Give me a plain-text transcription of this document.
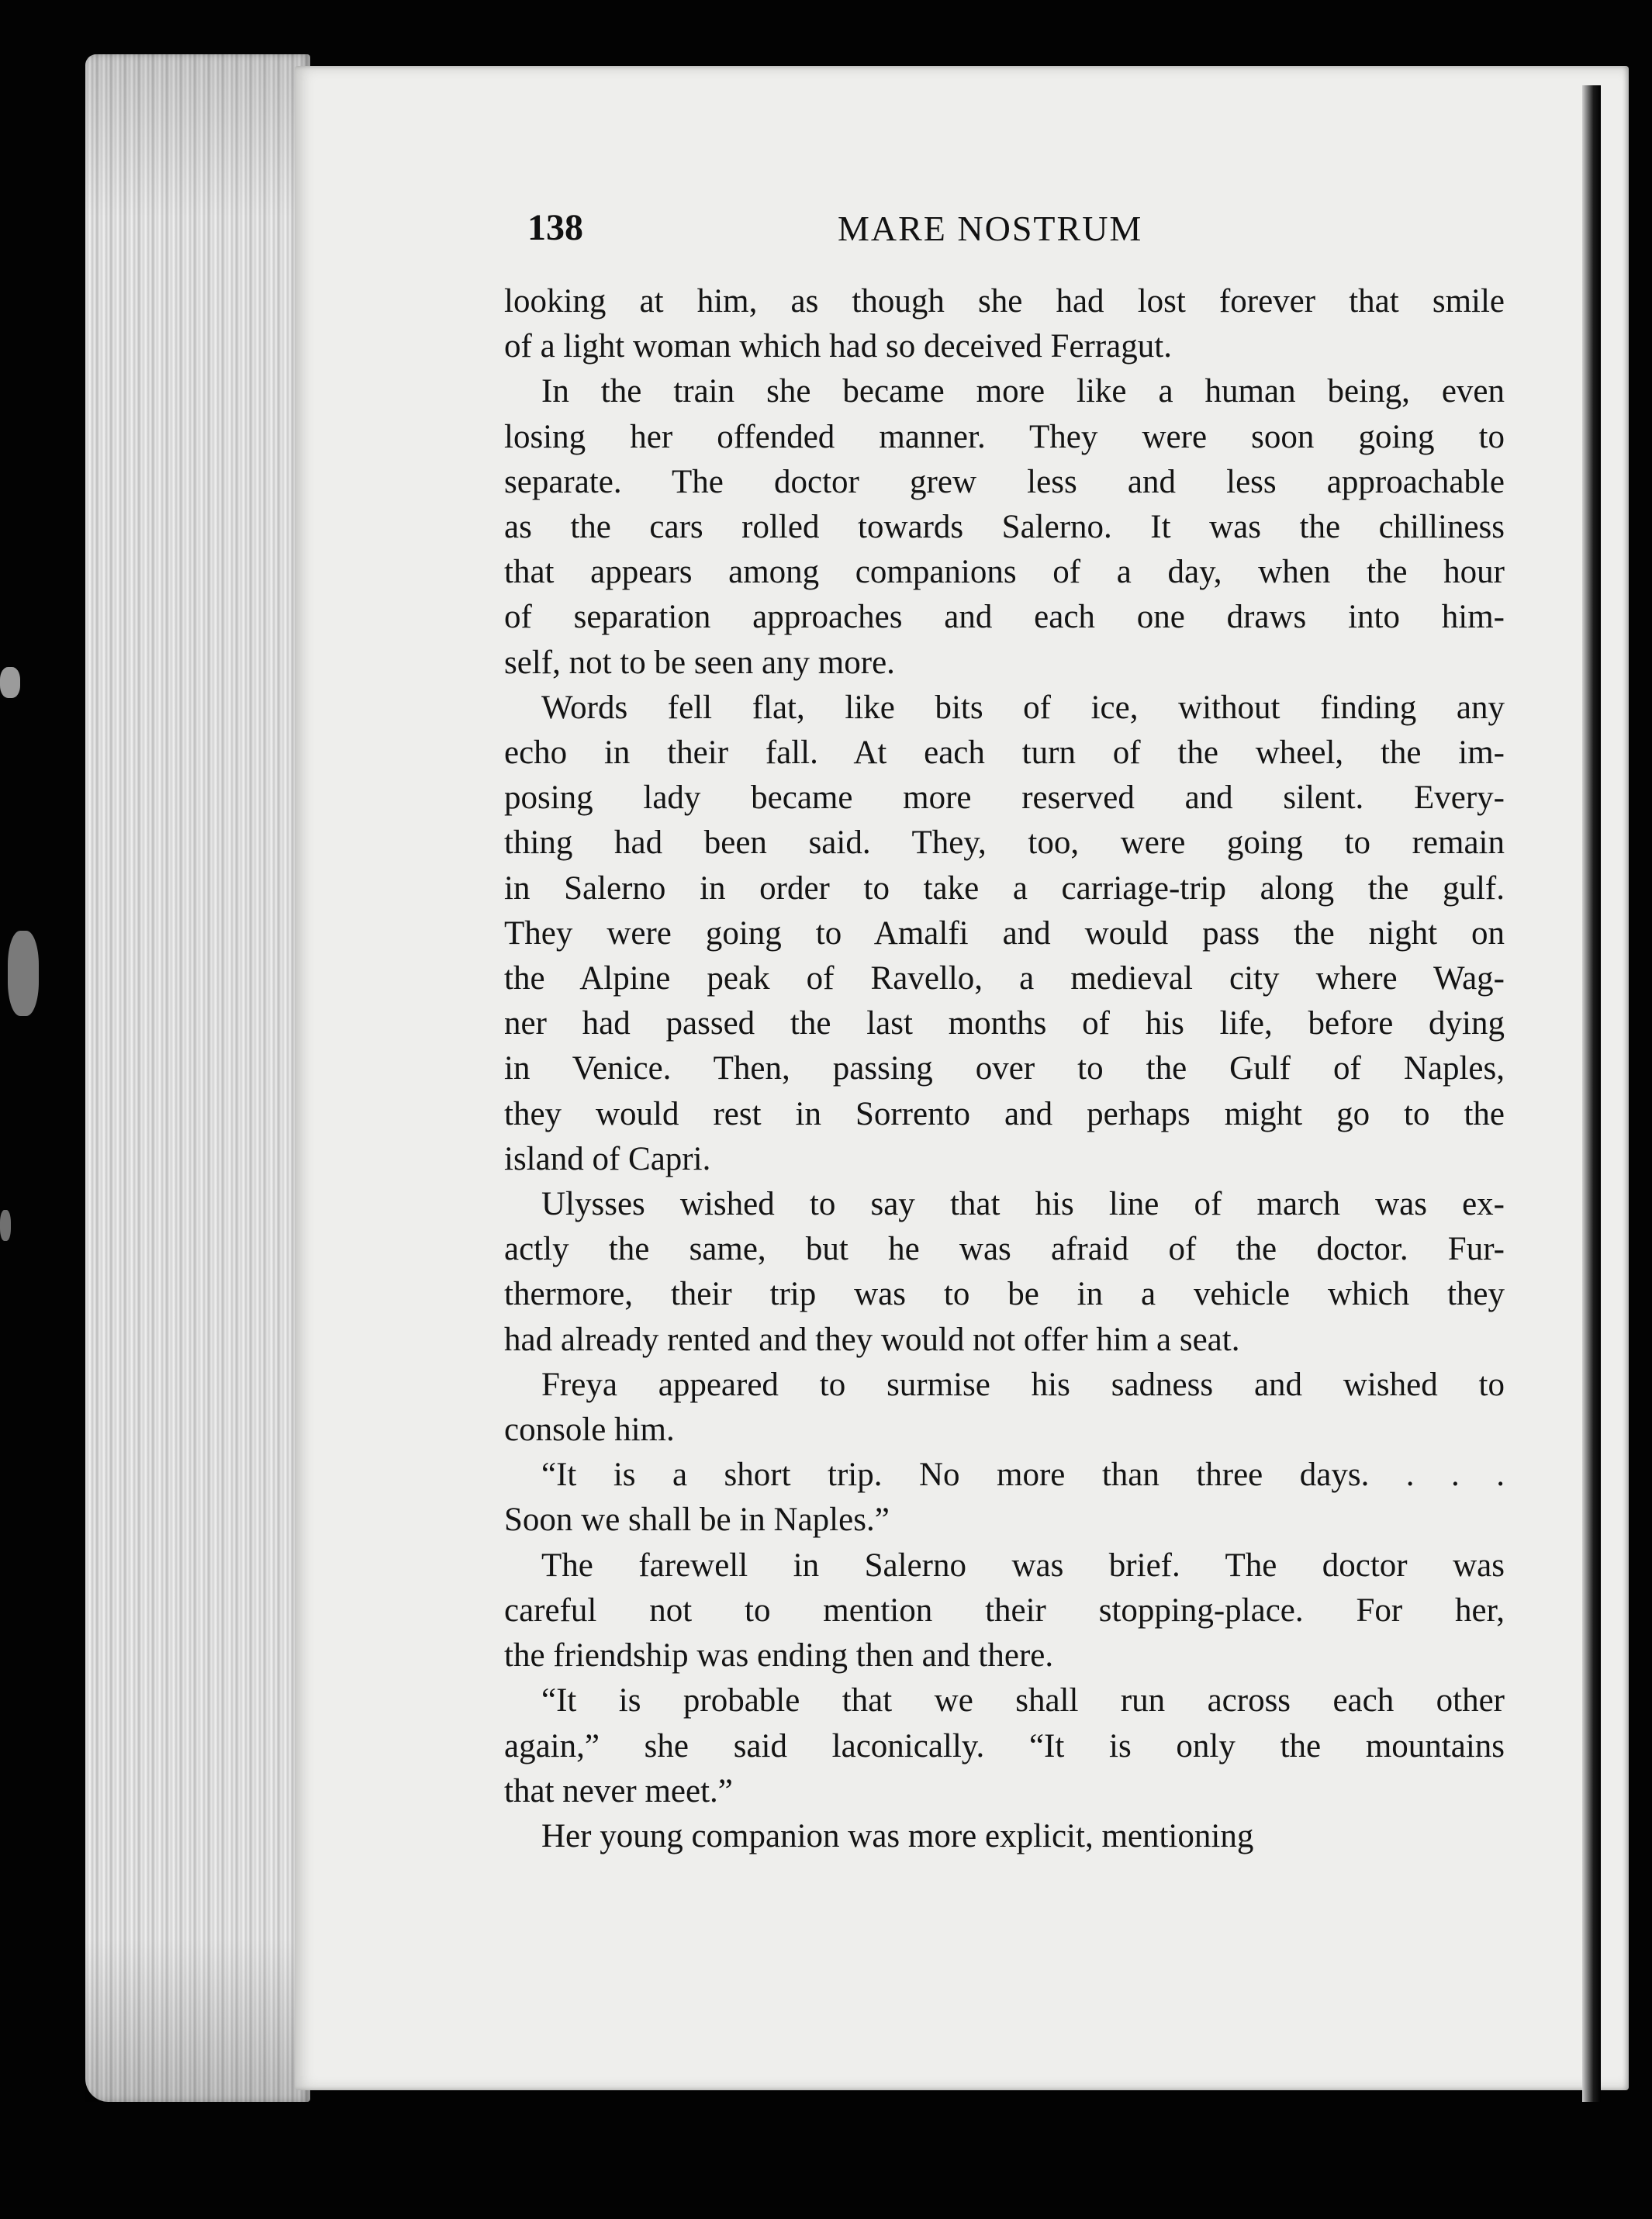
138	MARE NOSTRUM
looking at him, as though she had lost forever that smile
of a light woman which had so deceived Ferragut.
In the train she became more like a human being, even
losing her offended manner. They were soon going to
separate. The doctor grew less and less approachable
as the cars rolled towards Salerno. It was the chilliness
that appears among companions of a day, when the hour
of separation approaches and each one draws into him-
self, not to be seen any more.
Words fell flat, like bits of ice, without finding any
echo in their fall. At each turn of the wheel, the im-
posing lady became more reserved and silent. Every-
thing had been said. They, too, were going to remain
in Salerno in order to take a carriage-trip along the gulf.
They were going to Amalfi and would pass the night on
the Alpine peak of Ravello, a medieval city where Wag-
ner had passed the last months of his life, before dying
in Venice. Then, passing over to the Gulf of Naples,
they would rest in Sorrento and perhaps might go to the
island of Capri.
Ulysses wished to say that his line of march was ex-
actly the same, but he was afraid of the doctor. Fur-
thermore, their trip was to be in a vehicle which they
had already rented and they would not offer him a seat.
Freya appeared to surmise his sadness and wished to
console him.
“It is a short trip. No more than three days. . . .
Soon we shall be in Naples.”
The farewell in Salerno was brief. The doctor was
careful not to mention their stopping-place. For her,
the friendship was ending then and there.
“It is probable that we shall run across each other
again,” she said laconically. “It is only the mountains
that never meet.”
Her young companion was more explicit, mentioning
